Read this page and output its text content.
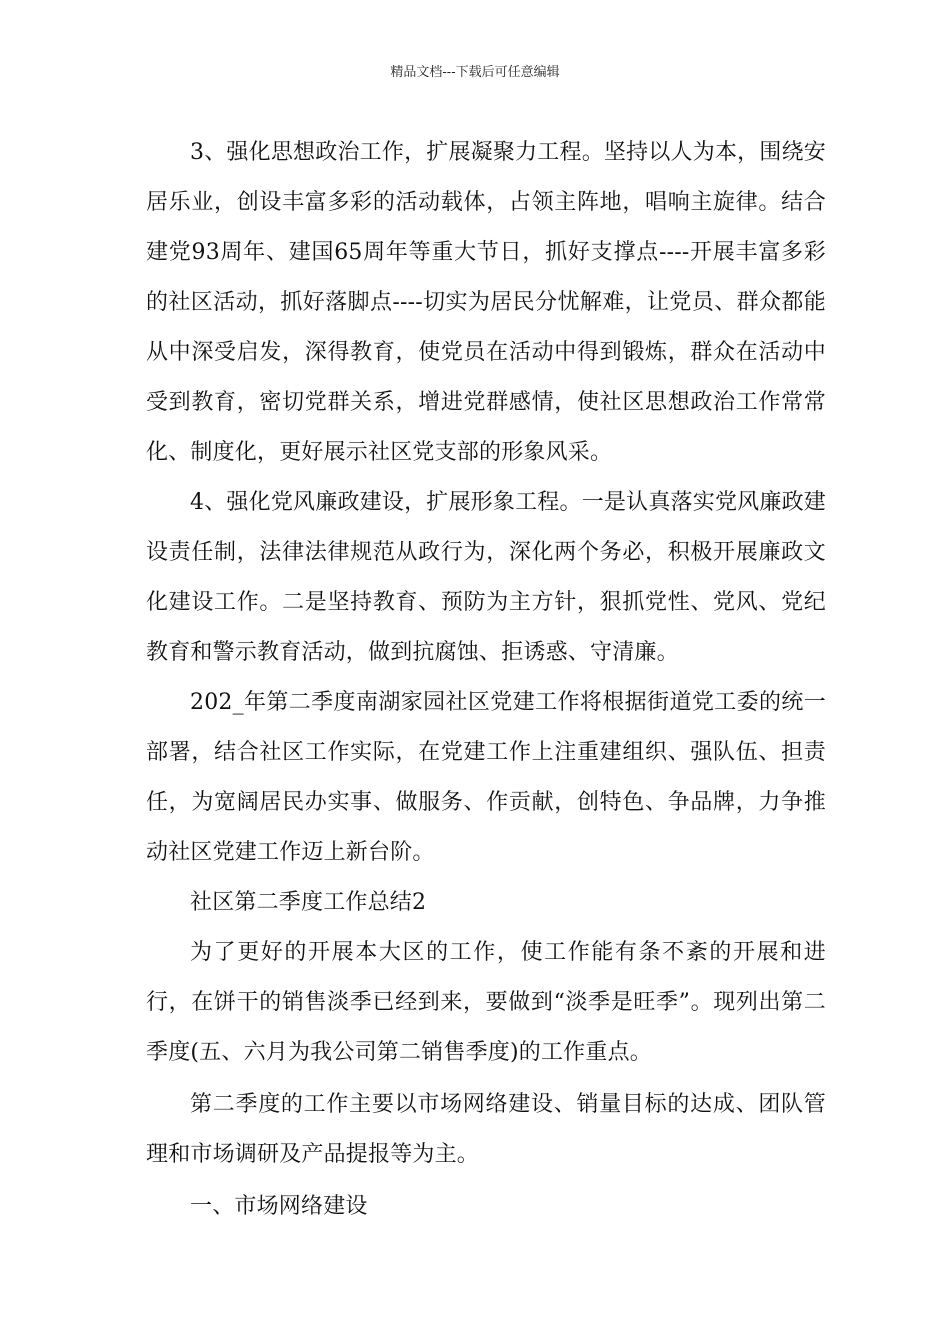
精品文档---下载后可任意编辑

3、强化思想政治工作，扩展凝聚力工程。坚持以人为本，围绕安居乐业，创设丰富多彩的活动载体，占领主阵地，唱响主旋律。结合建党93周年、建国65周年等重大节日，抓好支撑点----开展丰富多彩的社区活动，抓好落脚点----切实为居民分忧解难，让党员、群众都能从中深受启发，深得教育，使党员在活动中得到锻炼，群众在活动中受到教育，密切党群关系，增进党群感情，使社区思想政治工作常常化、制度化，更好展示社区党支部的形象风采。

4、强化党风廉政建设，扩展形象工程。一是认真落实党风廉政建设责任制，法律法律规范从政行为，深化两个务必，积极开展廉政文化建设工作。二是坚持教育、预防为主方针，狠抓党性、党风、党纪教育和警示教育活动，做到抗腐蚀、拒诱惑、守清廉。

202_年第二季度南湖家园社区党建工作将根据街道党工委的统一部署，结合社区工作实际，在党建工作上注重建组织、强队伍、担责任，为宽阔居民办实事、做服务、作贡献，创特色、争品牌，力争推动社区党建工作迈上新台阶。

社区第二季度工作总结2

为了更好的开展本大区的工作，使工作能有条不紊的开展和进行，在饼干的销售淡季已经到来，要做到“淡季是旺季”。现列出第二季度(五、六月为我公司第二销售季度)的工作重点。

第二季度的工作主要以市场网络建设、销量目标的达成、团队管理和市场调研及产品提报等为主。

一、市场网络建设
